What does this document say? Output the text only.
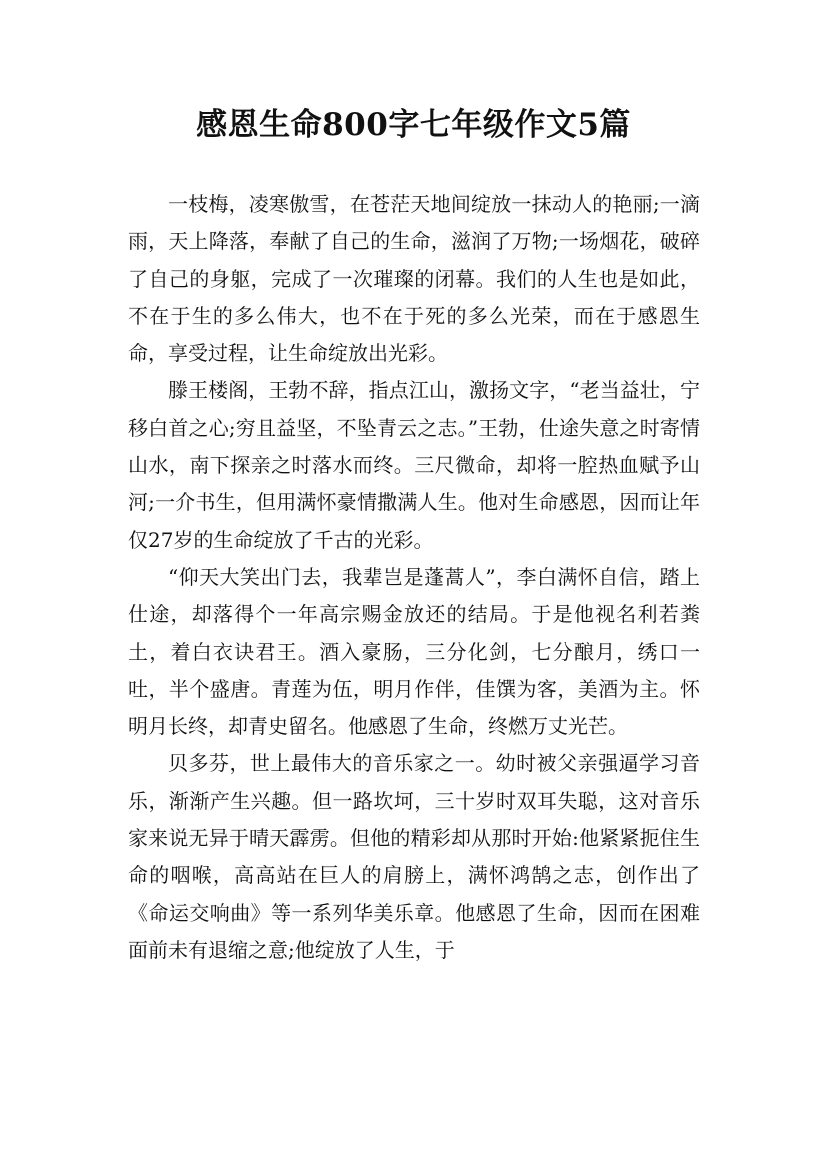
感恩生命800字七年级作文5篇

一枝梅，凌寒傲雪，在苍茫天地间绽放一抹动人的艳丽;一滴雨，天上降落，奉献了自己的生命，滋润了万物;一场烟花，破碎了自己的身躯，完成了一次璀璨的闭幕。我们的人生也是如此，不在于生的多么伟大，也不在于死的多么光荣，而在于感恩生命，享受过程，让生命绽放出光彩。

滕王楼阁，王勃不辞，指点江山，激扬文字，“老当益壮，宁移白首之心;穷且益坚，不坠青云之志。”王勃，仕途失意之时寄情山水，南下探亲之时落水而终。三尺微命，却将一腔热血赋予山河;一介书生，但用满怀豪情撒满人生。他对生命感恩，因而让年仅27岁的生命绽放了千古的光彩。

“仰天大笑出门去，我辈岂是蓬蒿人”，李白满怀自信，踏上仕途，却落得个一年高宗赐金放还的结局。于是他视名利若粪土，着白衣诀君王。酒入豪肠，三分化剑，七分酿月，绣口一吐，半个盛唐。青莲为伍，明月作伴，佳馔为客，美酒为主。怀明月长终，却青史留名。他感恩了生命，终燃万丈光芒。

贝多芬，世上最伟大的音乐家之一。幼时被父亲强逼学习音乐，渐渐产生兴趣。但一路坎坷，三十岁时双耳失聪，这对音乐家来说无异于晴天霹雳。但他的精彩却从那时开始:他紧紧扼住生命的咽喉，高高站在巨人的肩膀上，满怀鸿鹄之志，创作出了《命运交响曲》等一系列华美乐章。他感恩了生命，因而在困难面前未有退缩之意;他绽放了人生，于
